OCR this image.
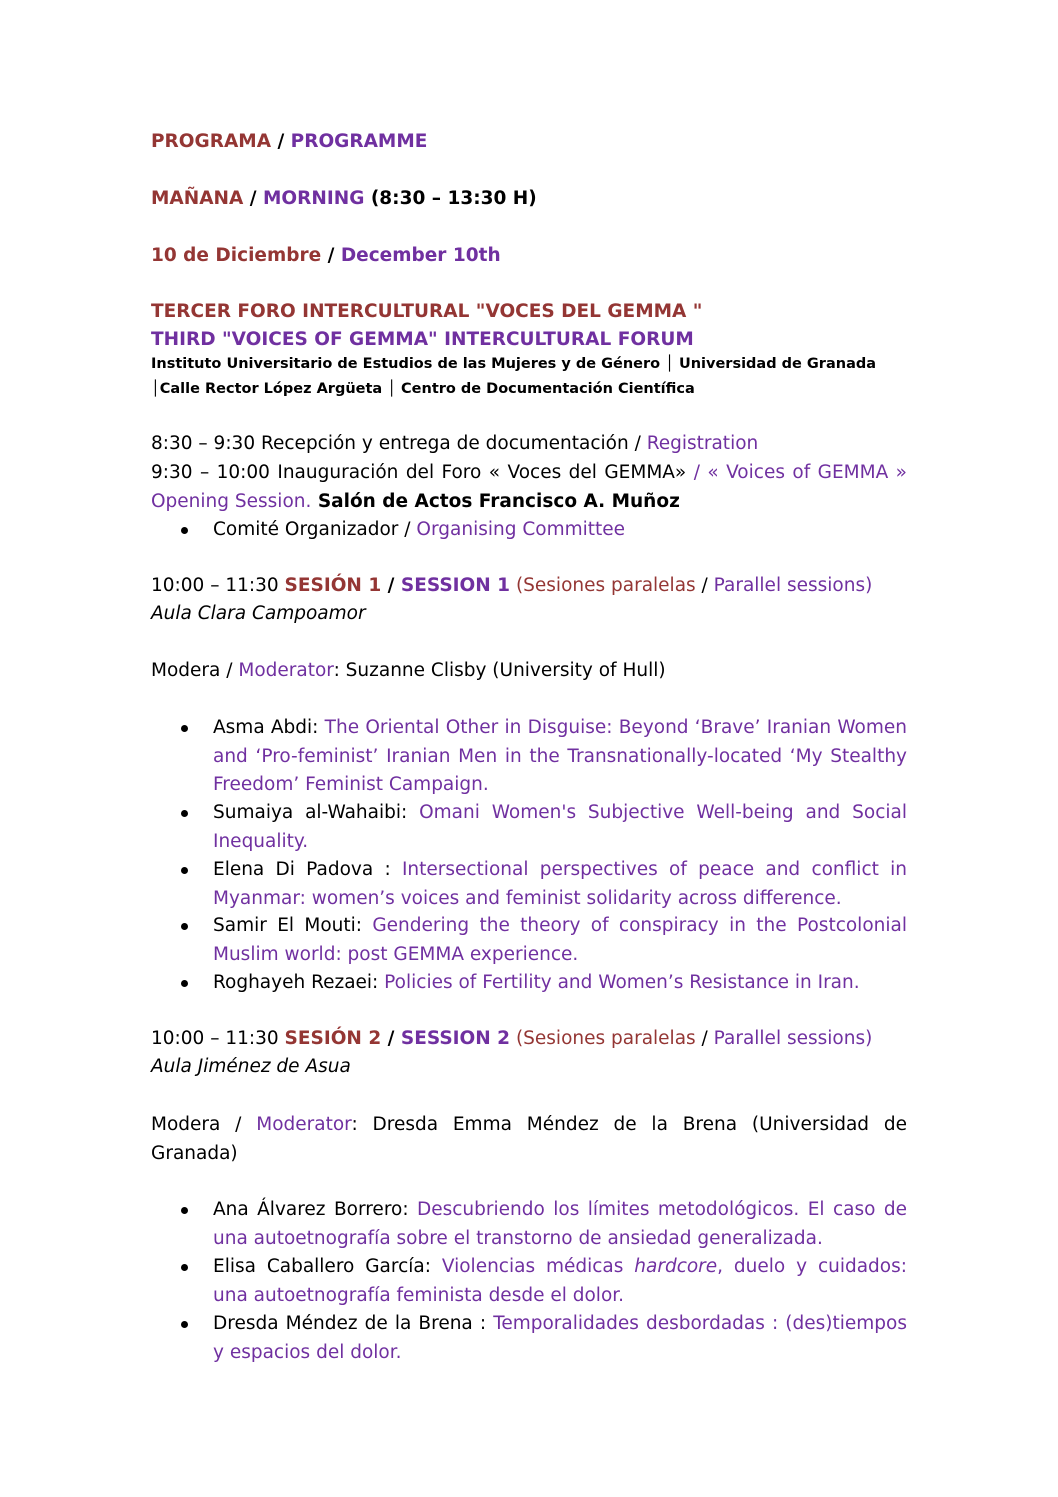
PROGRAMA / PROGRAMME
MAÑANA / MORNING (8:30 – 13:30 H)
10 de Diciembre / December 10th
TERCER FORO INTERCULTURAL "VOCES DEL GEMMA "
THIRD "VOICES OF GEMMA" INTERCULTURAL FORUM
Instituto Universitario de Estudios de las Mujeres y de Género │ Universidad de Granada
│Calle Rector López Argüeta │ Centro de Documentación Científica
8:30 – 9:30 Recepción y entrega de documentación / Registration
9:30 – 10:00 Inauguración del Foro « Voces del GEMMA» / « Voices of GEMMA » Opening Session. Salón de Actos Francisco A. Muñoz
Comité Organizador / Organising Committee
10:00 – 11:30 SESIÓN 1 / SESSION 1 (Sesiones paralelas / Parallel sessions)
Aula Clara Campoamor
Modera / Moderator: Suzanne Clisby (University of Hull)
Asma Abdi: The Oriental Other in Disguise: Beyond ‘Brave’ Iranian Women and ‘Pro-feminist’ Iranian Men in the Transnationally-located ‘My Stealthy Freedom’ Feminist Campaign.
Sumaiya al-Wahaibi: Omani Women's Subjective Well-being and Social Inequality.
Elena Di Padova : Intersectional perspectives of peace and conflict in Myanmar: women’s voices and feminist solidarity across difference.
Samir El Mouti: Gendering the theory of conspiracy in the Postcolonial Muslim world: post GEMMA experience.
Roghayeh Rezaei: Policies of Fertility and Women’s Resistance in Iran.
10:00 – 11:30 SESIÓN 2 / SESSION 2 (Sesiones paralelas / Parallel sessions)
Aula Jiménez de Asua
Modera / Moderator: Dresda Emma Méndez de la Brena (Universidad de Granada)
Ana Álvarez Borrero: Descubriendo los límites metodológicos. El caso de una autoetnografía sobre el transtorno de ansiedad generalizada.
Elisa Caballero García: Violencias médicas hardcore, duelo y cuidados: una autoetnografía feminista desde el dolor.
Dresda Méndez de la Brena : Temporalidades desbordadas : (des)tiempos y espacios del dolor.
